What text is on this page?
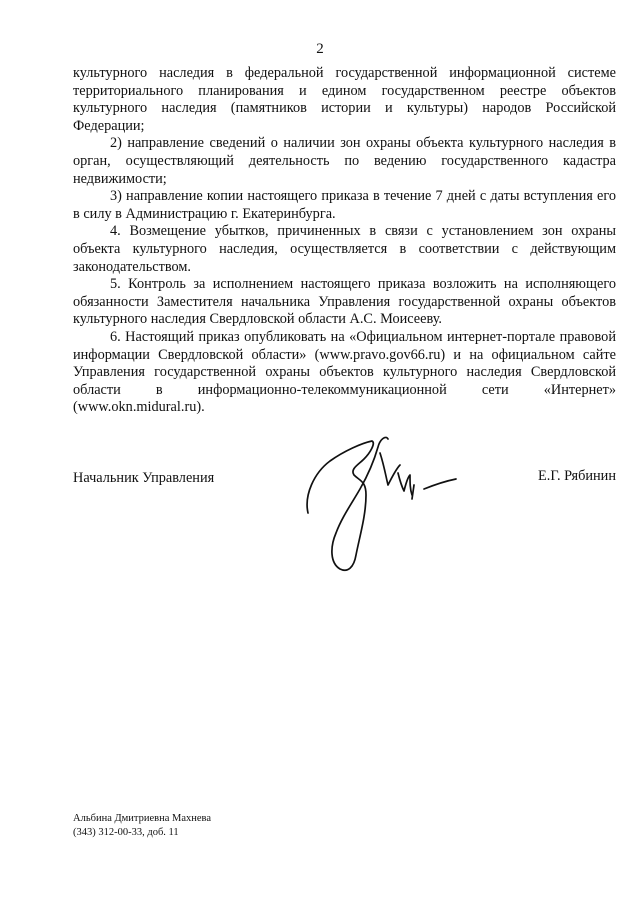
2

культурного наследия в федеральной государственной информационной системе территориального планирования и едином государственном реестре объектов культурного наследия (памятников истории и культуры) народов Российской Федерации;

2) направление сведений о наличии зон охраны объекта культурного наследия в орган, осуществляющий деятельность по ведению государственного кадастра недвижимости;

3) направление копии настоящего приказа в течение 7 дней с даты вступления его в силу в Администрацию г. Екатеринбурга.

4. Возмещение убытков, причиненных в связи с установлением зон охраны объекта культурного наследия, осуществляется в соответствии с действующим законодательством.

5. Контроль за исполнением настоящего приказа возложить на исполняющего обязанности Заместителя начальника Управления государственной охраны объектов культурного наследия Свердловской области А.С. Моисееву.

6. Настоящий приказ опубликовать на «Официальном интернет-портале правовой информации Свердловской области» (www.pravo.gov66.ru) и на официальном сайте Управления государственной охраны объектов культурного наследия Свердловской области в информационно-телекоммуникационной сети «Интернет» (www.okn.midural.ru).

Начальник Управления	Е.Г. Рябинин
Альбина Дмитриевна Махнева
(343) 312-00-33, доб. 11
